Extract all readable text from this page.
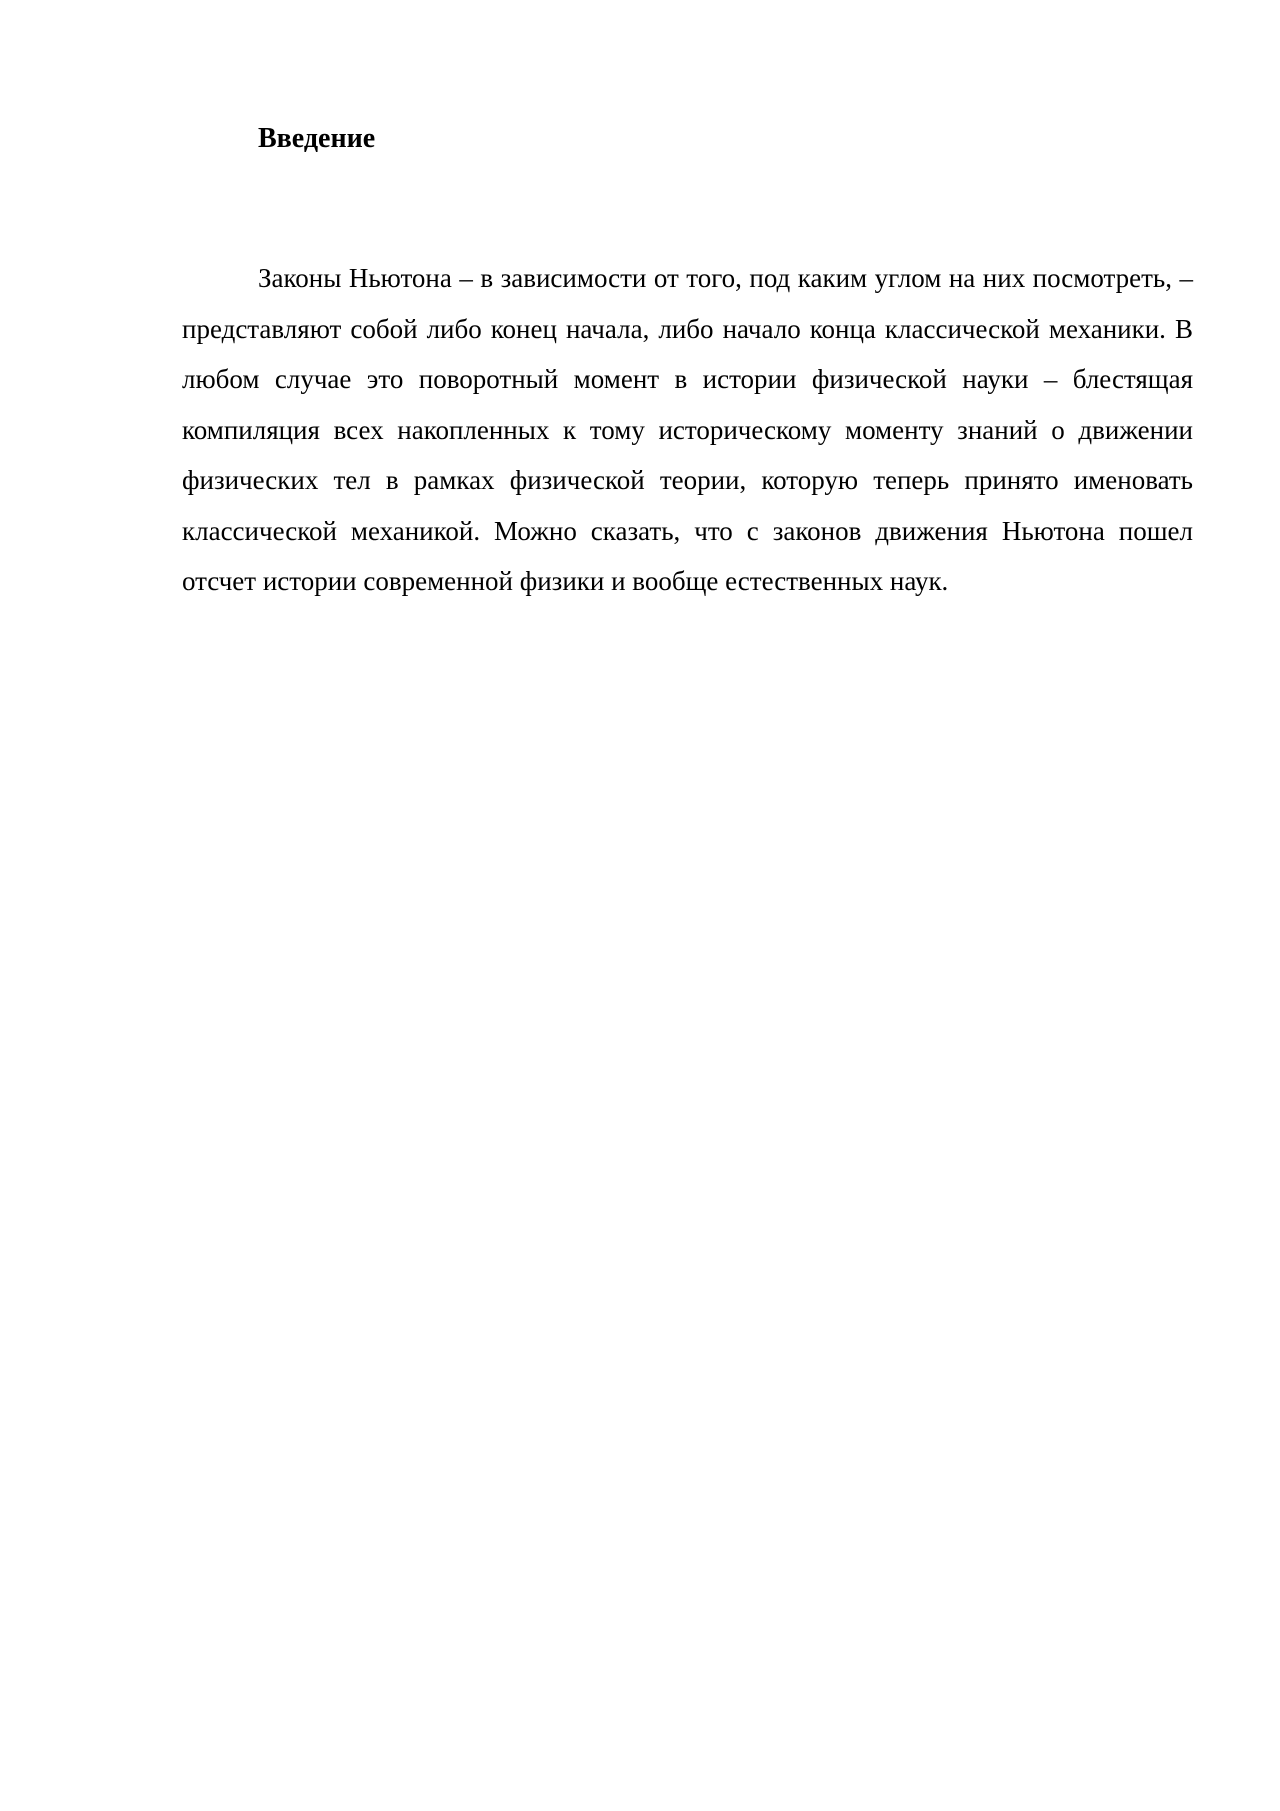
Введение

Законы Ньютона – в зависимости от того, под каким углом на них посмотреть, – представляют собой либо конец начала, либо начало конца классической механики. В любом случае это поворотный момент в истории физической науки – блестящая компиляция всех накопленных к тому историческому моменту знаний о движении физических тел в рамках физической теории, которую теперь принято именовать классической механикой. Можно сказать, что с законов движения Ньютона пошел отсчет истории современной физики и вообще естественных наук.
